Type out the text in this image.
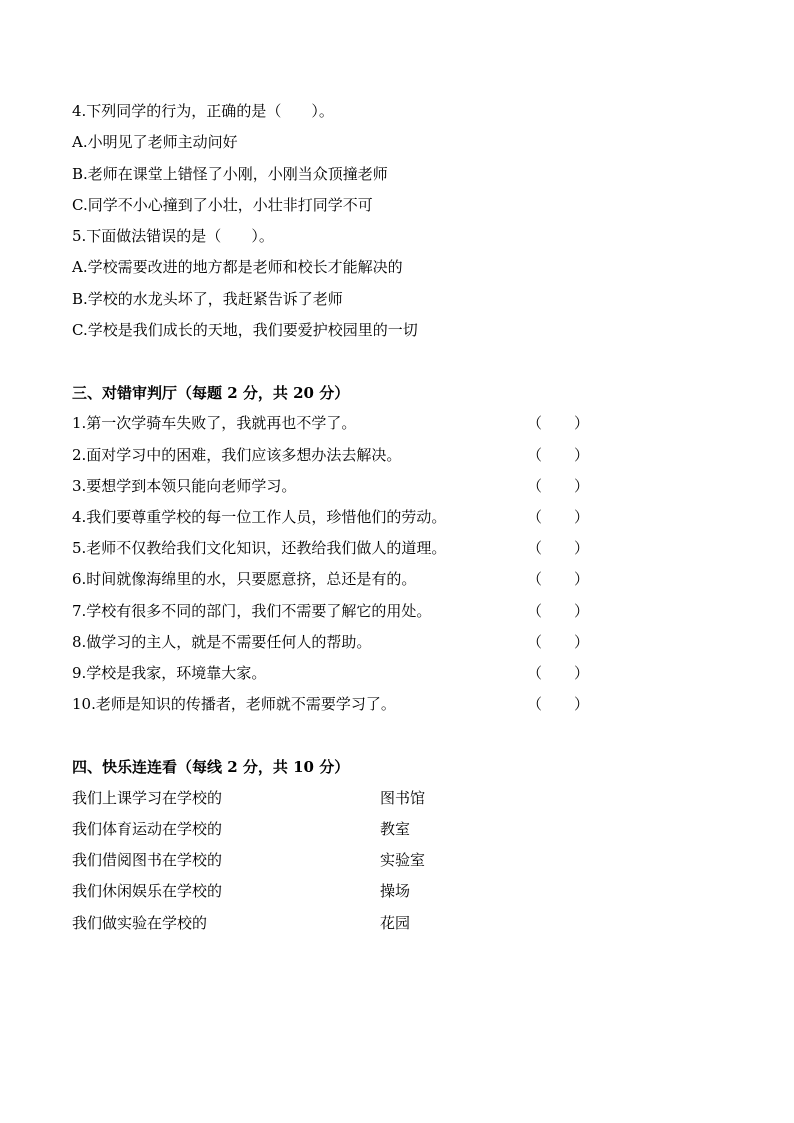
4.下列同学的行为，正确的是（　　）。
A.小明见了老师主动问好
B.老师在课堂上错怪了小刚，小刚当众顶撞老师
C.同学不小心撞到了小壮，小壮非打同学不可
5.下面做法错误的是（　　）。
A.学校需要改进的地方都是老师和校长才能解决的
B.学校的水龙头坏了，我赶紧告诉了老师
C.学校是我们成长的天地，我们要爱护校园里的一切
三、对错审判厅（每题 2 分，共 20 分）
1.第一次学骑车失败了，我就再也不学了。	（ ）
2.面对学习中的困难，我们应该多想办法去解决。	（ ）
3.要想学到本领只能向老师学习。	（ ）
4.我们要尊重学校的每一位工作人员，珍惜他们的劳动。	（ ）
5.老师不仅教给我们文化知识，还教给我们做人的道理。	（ ）
6.时间就像海绵里的水，只要愿意挤，总还是有的。	（ ）
7.学校有很多不同的部门，我们不需要了解它的用处。	（ ）
8.做学习的主人，就是不需要任何人的帮助。	（ ）
9.学校是我家，环境靠大家。	（ ）
10.老师是知识的传播者，老师就不需要学习了。	（ ）
四、快乐连连看（每线 2 分，共 10 分）
我们上课学习在学校的	图书馆
我们体育运动在学校的	教室
我们借阅图书在学校的	实验室
我们休闲娱乐在学校的	操场
我们做实验在学校的	花园
